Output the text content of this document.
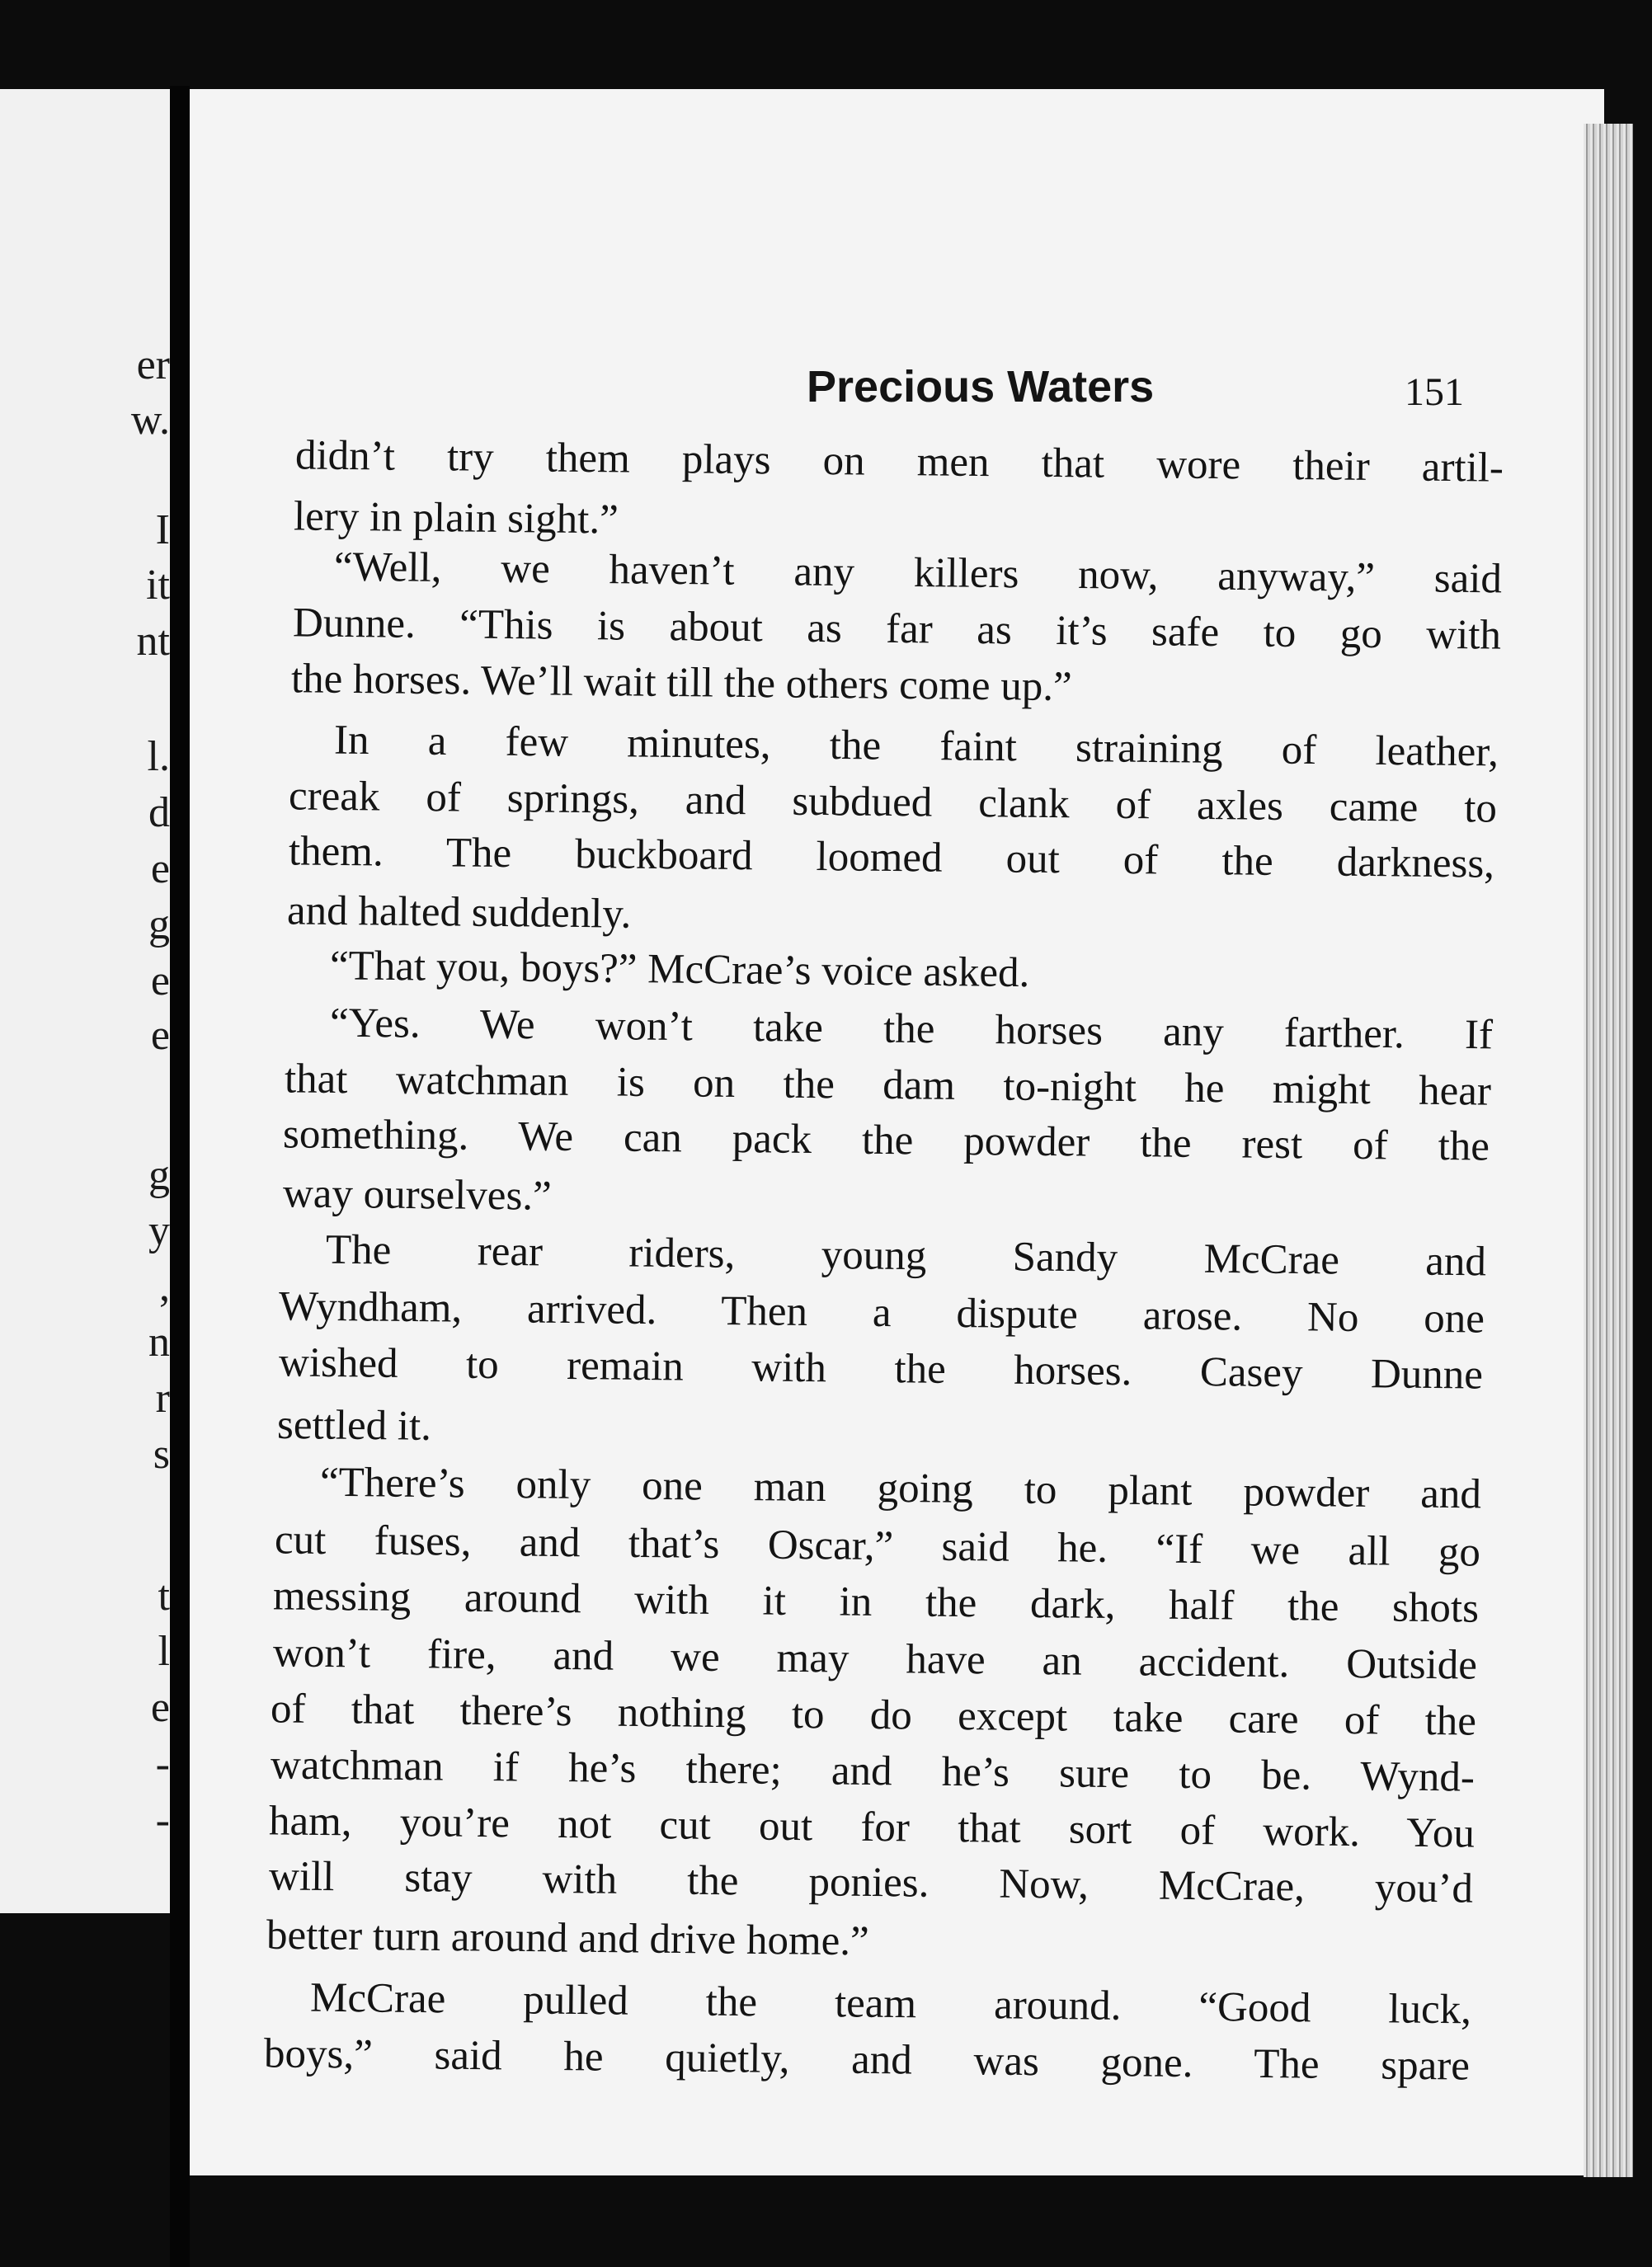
er
w.
I
it
nt
l.
d
e
g
e
e
g
y
,
n
r
s
t
l
e
-
-
Precious Waters	151
didn’t try them plays on men that wore their artil-
lery in plain sight.”
“Well, we haven’t any killers now, anyway,” said
Dunne. “This is about as far as it’s safe to go with
the horses. We’ll wait till the others come up.”
In a few minutes, the faint straining of leather,
creak of springs, and subdued clank of axles came to
them. The buckboard loomed out of the darkness,
and halted suddenly.
“That you, boys?” McCrae’s voice asked.
“Yes. We won’t take the horses any farther. If
that watchman is on the dam to-night he might hear
something. We can pack the powder the rest of the
way ourselves.”
The rear riders, young Sandy McCrae and
Wyndham, arrived. Then a dispute arose. No one
wished to remain with the horses. Casey Dunne
settled it.
“There’s only one man going to plant powder and
cut fuses, and that’s Oscar,” said he. “If we all go
messing around with it in the dark, half the shots
won’t fire, and we may have an accident. Outside
of that there’s nothing to do except take care of the
watchman if he’s there; and he’s sure to be. Wynd-
ham, you’re not cut out for that sort of work. You
will stay with the ponies. Now, McCrae, you’d
better turn around and drive home.”
McCrae pulled the team around. “Good luck,
boys,” said he quietly, and was gone. The spare
